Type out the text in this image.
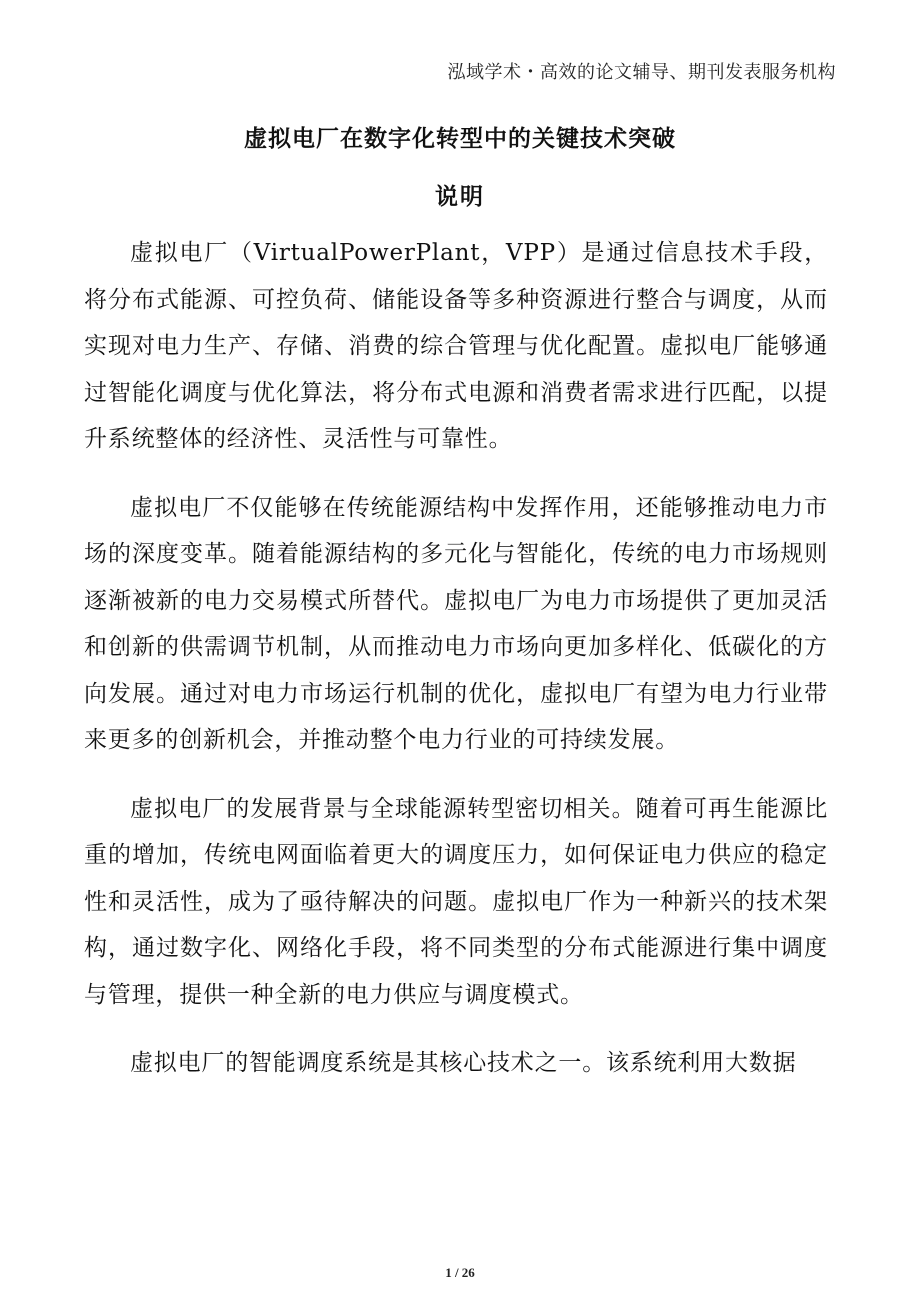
泓域学术・高效的论文辅导、期刊发表服务机构
虚拟电厂在数字化转型中的关键技术突破
说明

虚拟电厂（VirtualPowerPlant，VPP）是通过信息技术手段，将分布式能源、可控负荷、储能设备等多种资源进行整合与调度，从而实现对电力生产、存储、消费的综合管理与优化配置。虚拟电厂能够通过智能化调度与优化算法，将分布式电源和消费者需求进行匹配，以提升系统整体的经济性、灵活性与可靠性。

虚拟电厂不仅能够在传统能源结构中发挥作用，还能够推动电力市场的深度变革。随着能源结构的多元化与智能化，传统的电力市场规则逐渐被新的电力交易模式所替代。虚拟电厂为电力市场提供了更加灵活和创新的供需调节机制，从而推动电力市场向更加多样化、低碳化的方向发展。通过对电力市场运行机制的优化，虚拟电厂有望为电力行业带来更多的创新机会，并推动整个电力行业的可持续发展。

虚拟电厂的发展背景与全球能源转型密切相关。随着可再生能源比重的增加，传统电网面临着更大的调度压力，如何保证电力供应的稳定性和灵活性，成为了亟待解决的问题。虚拟电厂作为一种新兴的技术架构，通过数字化、网络化手段，将不同类型的分布式能源进行集中调度与管理，提供一种全新的电力供应与调度模式。

虚拟电厂的智能调度系统是其核心技术之一。该系统利用大数据

1 / 26
